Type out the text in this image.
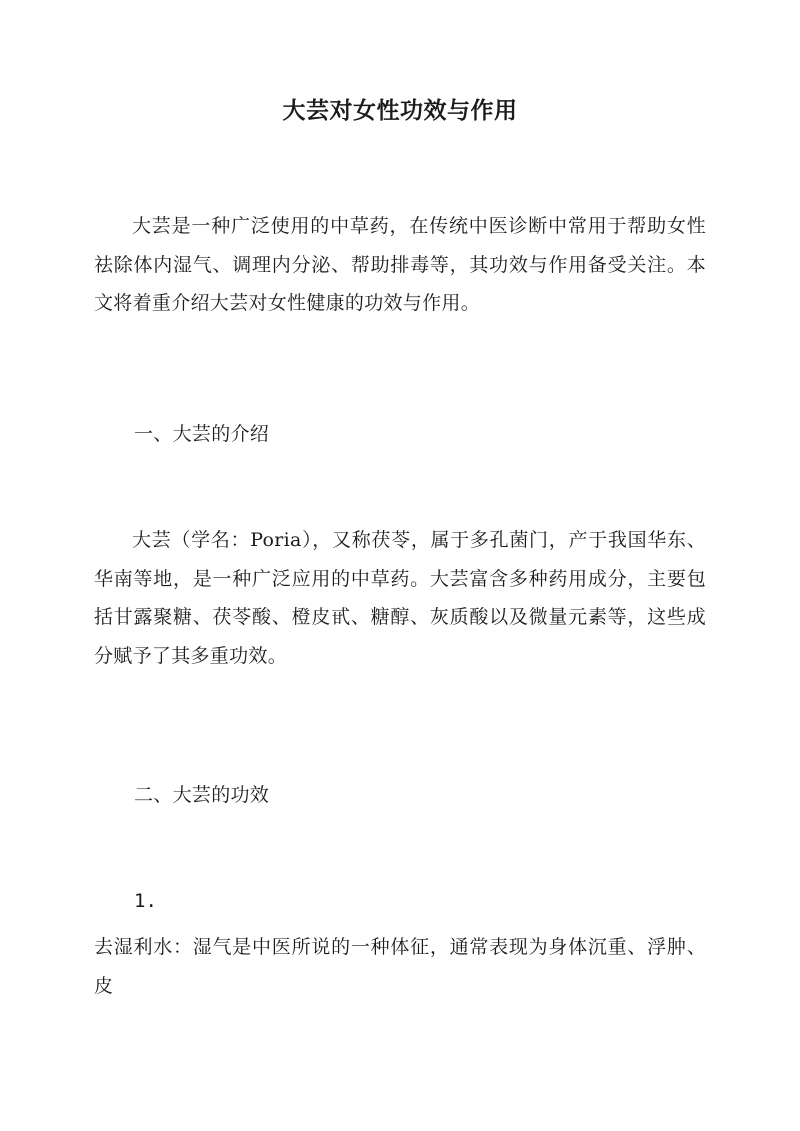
大芸对女性功效与作用

大芸是一种广泛使用的中草药，在传统中医诊断中常用于帮助女性祛除体内湿气、调理内分泌、帮助排毒等，其功效与作用备受关注。本文将着重介绍大芸对女性健康的功效与作用。

一、大芸的介绍

大芸（学名：Poria），又称茯苓，属于多孔菌门，产于我国华东、华南等地，是一种广泛应用的中草药。大芸富含多种药用成分，主要包括甘露聚糖、茯苓酸、橙皮甙、糖醇、灰质酸以及微量元素等，这些成分赋予了其多重功效。

二、大芸的功效
1.

去湿利水：湿气是中医所说的一种体征，通常表现为身体沉重、浮肿、皮
